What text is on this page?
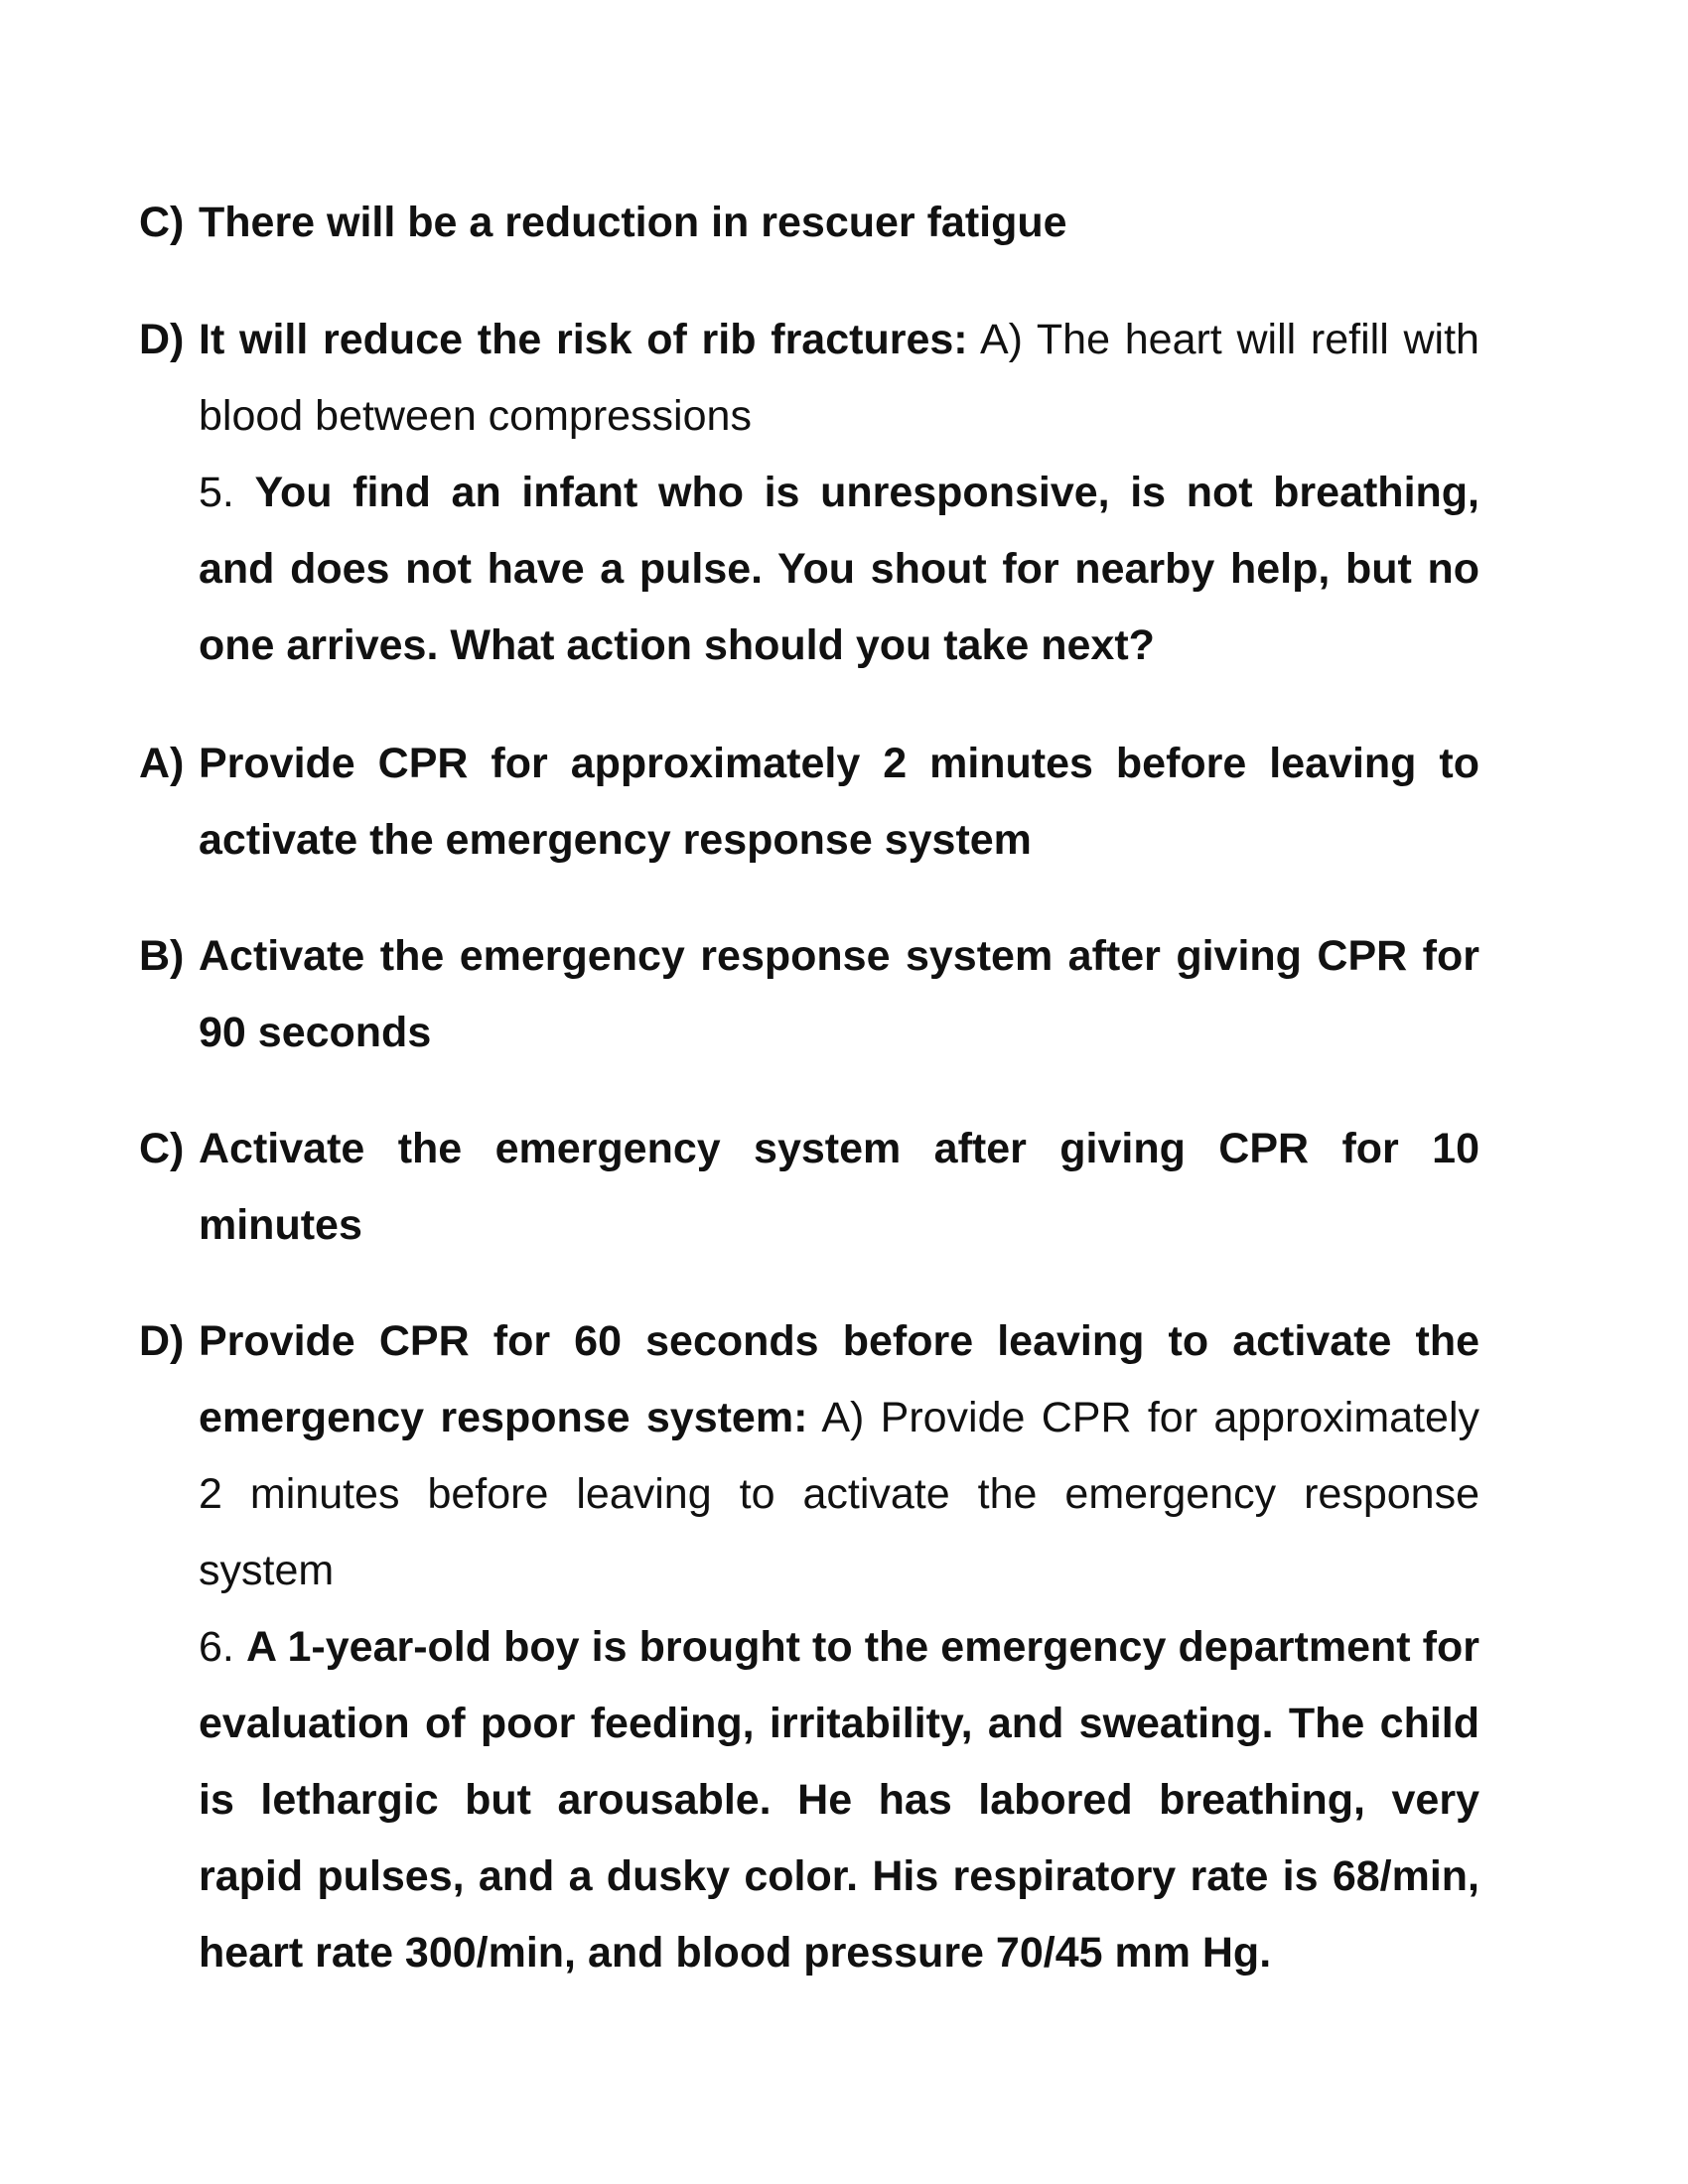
C) There will be a reduction in rescuer fatigue
D) It will reduce the risk of rib fractures: A) The heart will refill with blood between compressions
5. You find an infant who is unresponsive, is not breathing, and does not have a pulse. You shout for nearby help, but no one arrives. What action should you take next?
A) Provide CPR for approximately 2 minutes before leaving to activate the emergency response system
B) Activate the emergency response system after giving CPR for 90 seconds
C) Activate the emergency system after giving CPR for 10 minutes
D) Provide CPR for 60 seconds before leaving to activate the emergency response system: A) Provide CPR for approximately 2 minutes before leaving to activate the emergency response system
6. A 1-year-old boy is brought to the emergency department for evaluation of poor feeding, irritability, and sweating. The child is lethargic but arousable. He has labored breathing, very rapid pulses, and a dusky color. His respiratory rate is 68/min, heart rate 300/min, and blood pressure 70/45 mm Hg.
